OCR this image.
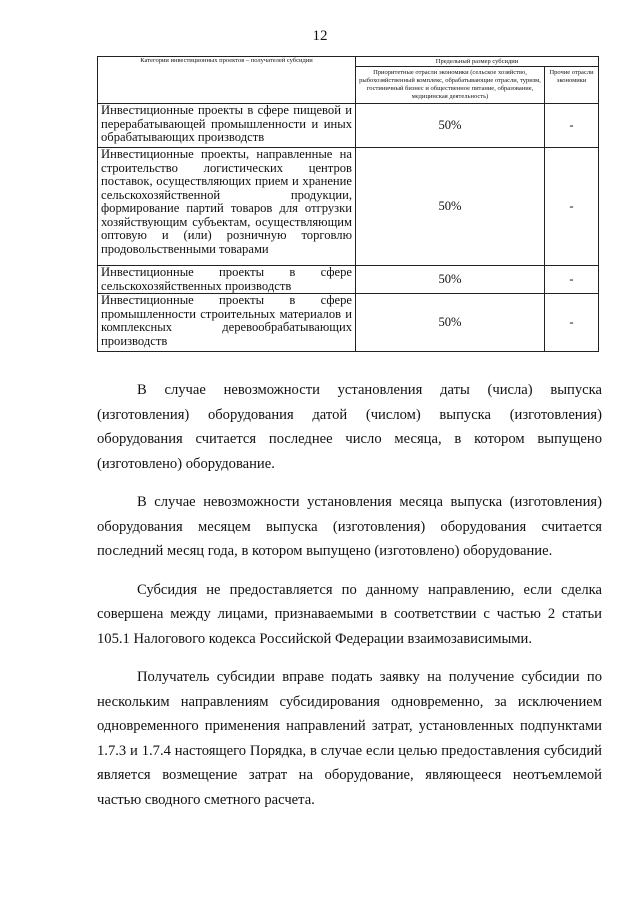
12
Категории инвестиционных проектов – получателей субсидии	Предельный размер субсидии	
	Приоритетные отрасли экономики (сельское хозяйство, рыбохозяйственный комплекс, обрабатывающие отрасли, туризм, гостиничный бизнес и общественное питание, образование, медицинская деятельность)	Прочие отрасли экономики
Инвестиционные проекты в сфере пищевой и перерабатывающей промышленности и иных обрабатывающих производств	50%	-
Инвестиционные проекты, направленные на строительство логистических центров поставок, осуществляющих прием и хранение сельскохозяйственной продукции, формирование партий товаров для отгрузки хозяйствующим субъектам, осуществляющим оптовую и (или) розничную торговлю продовольственными товарами	50%	-
Инвестиционные проекты в сфере сельскохозяйственных производств	50%	-
Инвестиционные проекты в сфере промышленности строительных материалов и комплексных деревообрабатывающих производств	50%	-

В случае невозможности установления даты (числа) выпуска (изготовления) оборудования датой (числом) выпуска (изготовления) оборудования считается последнее число месяца, в котором выпущено (изготовлено) оборудование.

В случае невозможности установления месяца выпуска (изготовления) оборудования месяцем выпуска (изготовления) оборудования считается последний месяц года, в котором выпущено (изготовлено) оборудование.

Субсидия не предоставляется по данному направлению, если сделка совершена между лицами, признаваемыми в соответствии с частью 2 статьи 105.1 Налогового кодекса Российской Федерации взаимозависимыми.

Получатель субсидии вправе подать заявку на получение субсидии по нескольким направлениям субсидирования одновременно, за исключением одновременного применения направлений затрат, установленных подпунктами 1.7.3 и 1.7.4 настоящего Порядка, в случае если целью предоставления субсидий является возмещение затрат на оборудование, являющееся неотъемлемой частью сводного сметного расчета.
